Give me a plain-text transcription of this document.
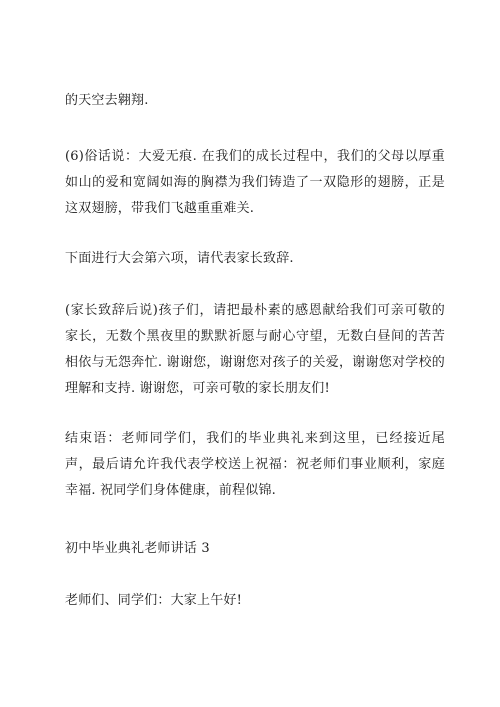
的天空去翱翔.

(6)俗话说：大爱无痕. 在我们的成长过程中，我们的父母以厚重如山的爱和宽阔如海的胸襟为我们铸造了一双隐形的翅膀，正是这双翅膀，带我们飞越重重难关.

下面进行大会第六项，请代表家长致辞.

(家长致辞后说)孩子们，请把最朴素的感恩献给我们可亲可敬的家长，无数个黑夜里的默默祈愿与耐心守望，无数白昼间的苦苦相依与无怨奔忙. 谢谢您，谢谢您对孩子的关爱，谢谢您对学校的理解和支持. 谢谢您，可亲可敬的家长朋友们!

结束语：老师同学们，我们的毕业典礼来到这里，已经接近尾声，最后请允许我代表学校送上祝福：祝老师们事业顺利，家庭幸福. 祝同学们身体健康，前程似锦.

初中毕业典礼老师讲话 3

老师们、同学们：大家上午好!
